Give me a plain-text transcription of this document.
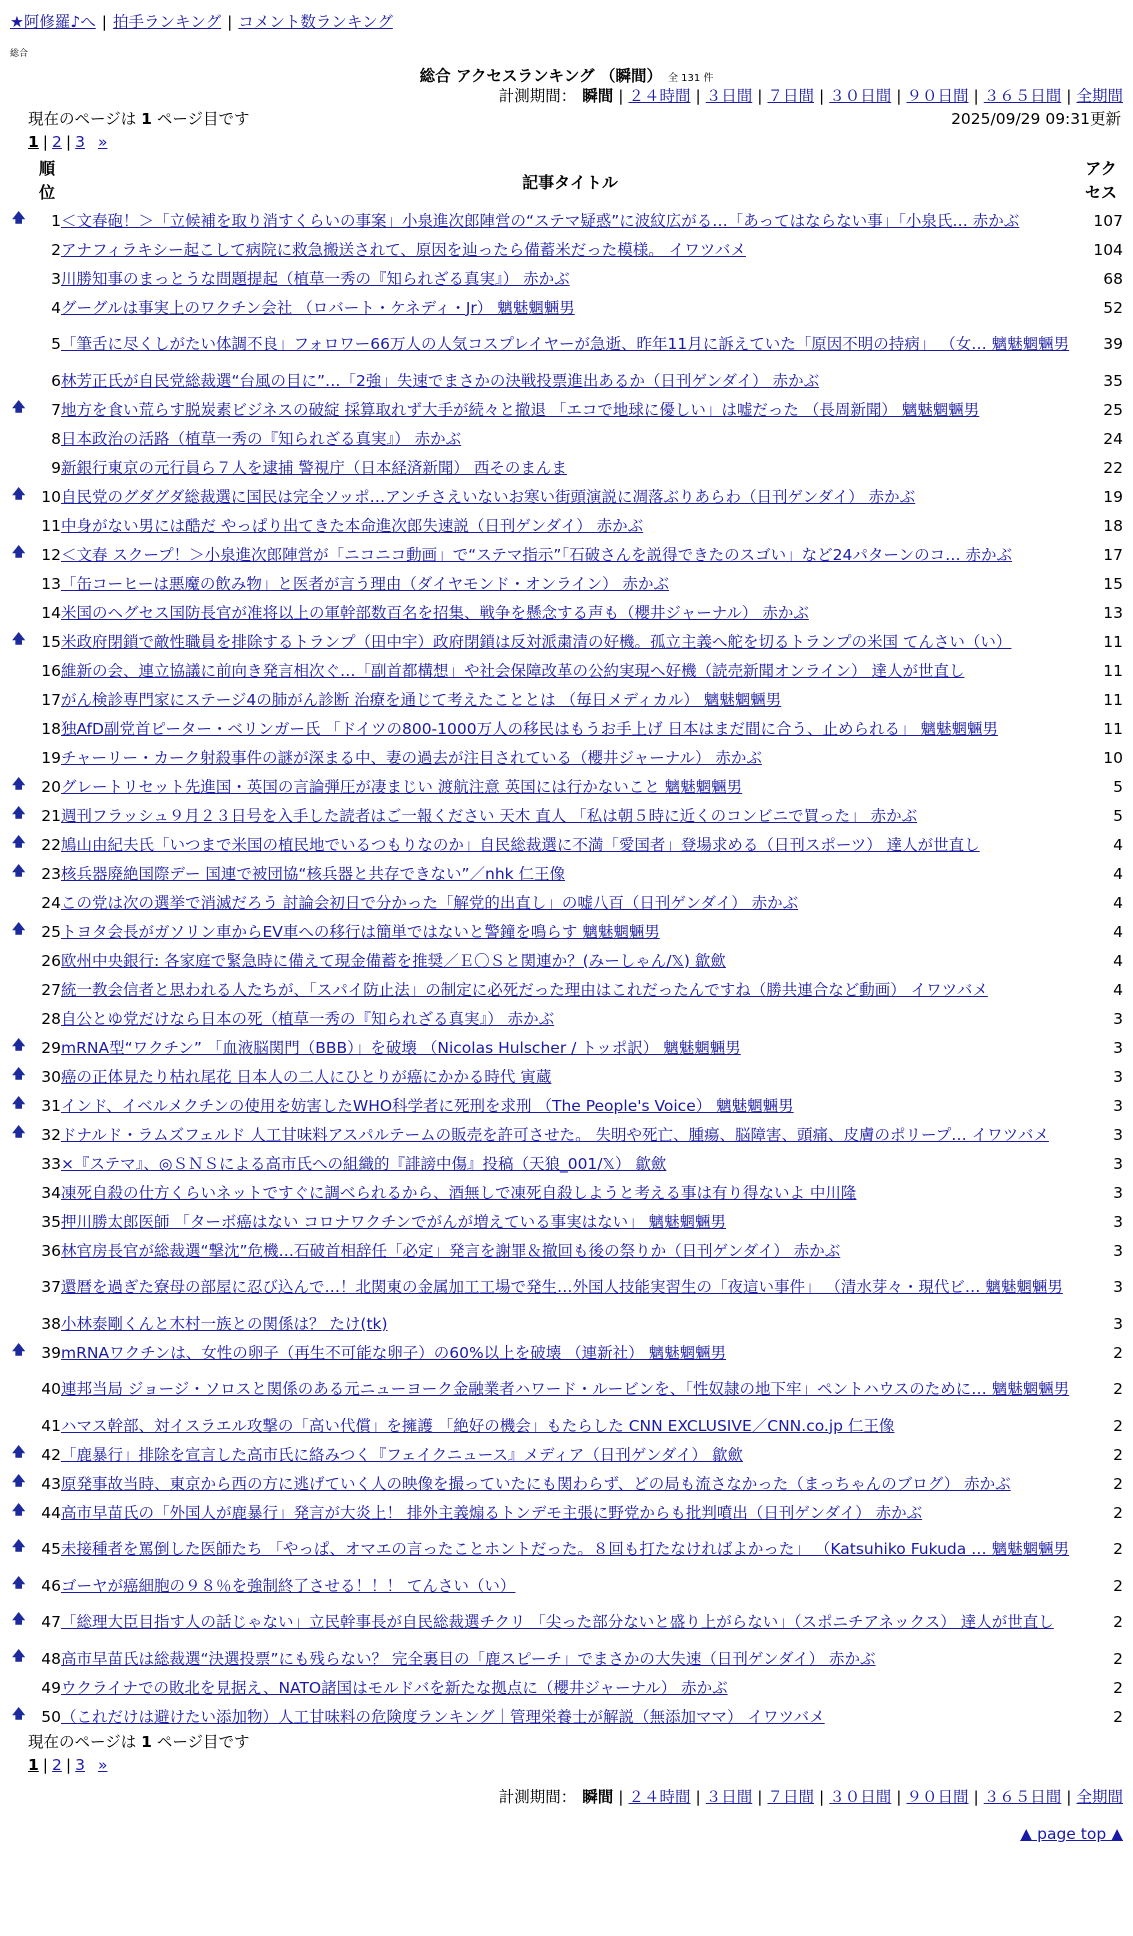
★阿修羅♪へ | 拍手ランキング | コメント数ランキング
総合
総合 アクセスランキング （瞬間） 全 131 件
計測期間： 瞬間 | ２４時間 | ３日間 | ７日間 | ３０日間 | ９０日間 | ３６５日間 | 全期間
現在のページは 1 ページ目です	2025/09/29 09:31更新
1 | 2 | 3 »
順
位	記事タイトル	アク
セス

🡅 1	＜文春砲！＞「立候補を取り消すくらいの事案」小泉進次郎陣営の“ステマ疑惑”に波紋広がる…「あってはならない事」「小泉氏… 赤かぶ	107
2	アナフィラキシー起こして病院に救急搬送されて、原因を辿ったら備蓄米だった模様。 イワツバメ	104
3	川勝知事のまっとうな問題提起（植草一秀の『知られざる真実』） 赤かぶ	68
4	グーグルは事実上のワクチン会社 （ロバート・ケネディ・Jr） 魑魅魍魎男	52
5	「筆舌に尽くしがたい体調不良」フォロワー66万人の人気コスプレイヤーが急逝、昨年11月に訴えていた「原因不明の持病」 （女… 魑魅魍魎男	39
6	林芳正氏が自民党総裁選“台風の目に”…「2強」失速でまさかの決戦投票進出あるか（日刊ゲンダイ） 赤かぶ	35

🡅 7	地方を食い荒らす脱炭素ビジネスの破綻 採算取れず大手が続々と撤退 「エコで地球に優しい」は嘘だった （長周新聞） 魑魅魍魎男	25
8	日本政治の活路（植草一秀の『知られざる真実』） 赤かぶ	24
9	新銀行東京の元行員ら７人を逮捕 警視庁（日本経済新聞） 西そのまんま	22

🡅 10	自民党のグダグダ総裁選に国民は完全ソッポ…アンチさえいないお寒い街頭演説に凋落ぶりあらわ（日刊ゲンダイ） 赤かぶ	19
11	中身がない男には酷だ やっぱり出てきた本命進次郎失速説（日刊ゲンダイ） 赤かぶ	18

🡅 12	＜文春 スクープ！＞小泉進次郎陣営が「ニコニコ動画」で“ステマ指示”「石破さんを説得できたのスゴい」など24パターンのコ… 赤かぶ	17
13	「缶コーヒーは悪魔の飲み物」と医者が言う理由（ダイヤモンド・オンライン） 赤かぶ	15
14	米国のヘグセス国防長官が准将以上の軍幹部数百名を招集、戦争を懸念する声も（櫻井ジャーナル） 赤かぶ	13

🡅 15	米政府閉鎖で敵性職員を排除するトランプ（田中宇）政府閉鎖は反対派粛清の好機。孤立主義へ舵を切るトランプの米国 てんさい（い）	11
16	維新の会、連立協議に前向き発言相次ぐ…「副首都構想」や社会保障改革の公約実現へ好機（読売新聞オンライン） 達人が世直し	11
17	がん検診専門家にステージ4の肺がん診断 治療を通じて考えたこととは （毎日メディカル） 魑魅魍魎男	11
18	独AfD副党首ピーター・ベリンガー氏 「ドイツの800-1000万人の移民はもうお手上げ 日本はまだ間に合う、止められる」 魑魅魍魎男	11
19	チャーリー・カーク射殺事件の謎が深まる中、妻の過去が注目されている（櫻井ジャーナル） 赤かぶ	10

🡅 20	グレートリセット先進国・英国の言論弾圧が凄まじい 渡航注意 英国には行かないこと 魑魅魍魎男	5

🡅 21	週刊フラッシュ９月２３日号を入手した読者はご一報ください 天木 直人 「私は朝５時に近くのコンビニで買った」 赤かぶ	5

🡅 22	鳩山由紀夫氏「いつまで米国の植民地でいるつもりなのか」自民総裁選に不満「愛国者」登場求める（日刊スポーツ） 達人が世直し	4

🡅 23	核兵器廃絶国際デー 国連で被団協“核兵器と共存できない”／nhk 仁王像	4
24	この党は次の選挙で消滅だろう 討論会初日で分かった「解党的出直し」の嘘八百（日刊ゲンダイ） 赤かぶ	4

🡅 25	トヨタ会長がガソリン車からEV車への移行は簡単ではないと警鐘を鳴らす 魑魅魍魎男	4
26	欧州中央銀行: 各家庭で緊急時に備えて現金備蓄を推奨／Ｅ〇Ｓと関連か？(みーしゃん/𝕏) 歙歛	4
27	統一教会信者と思われる人たちが、「スパイ防止法」の制定に必死だった理由はこれだったんですね（勝共連合など動画） イワツバメ	4
28	自公とゆ党だけなら日本の死（植草一秀の『知られざる真実』） 赤かぶ	3

🡅 29	mRNA型“ワクチン” 「血液脳関門（BBB）」を破壊 （Nicolas Hulscher / トッポ訳） 魑魅魍魎男	3

🡅 30	癌の正体見たり枯れ尾花 日本人の二人にひとりが癌にかかる時代 寅蔵	3

🡅 31	インド、イベルメクチンの使用を妨害したWHO科学者に死刑を求刑 （The People's Voice） 魑魅魍魎男	3

🡅 32	ドナルド・ラムズフェルド 人工甘味料アスパルテームの販売を許可させた。 失明や死亡、腫瘍、脳障害、頭痛、皮膚のポリープ… イワツバメ	3
33	×『ステマ』、◎ＳＮＳによる高市氏への組織的『誹謗中傷』投稿（天狼_001/𝕏） 歙歛	3
34	凍死自殺の仕方くらいネットですぐに調べられるから、酒無しで凍死自殺しようと考える事は有り得ないよ 中川隆	3
35	押川勝太郎医師 「ターボ癌はない コロナワクチンでがんが増えている事実はない」 魑魅魍魎男	3
36	林官房長官が総裁選“撃沈”危機…石破首相辞任「必定」発言を謝罪＆撤回も後の祭りか（日刊ゲンダイ） 赤かぶ	3
37	還暦を過ぎた寮母の部屋に忍び込んで…！北関東の金属加工工場で発生…外国人技能実習生の「夜這い事件」 （清水芽々・現代ビ… 魑魅魍魎男	3
38	小林泰剛くんと木村一族との関係は？ たけ(tk)	3

🡅 39	mRNAワクチンは、女性の卵子（再生不可能な卵子）の60%以上を破壊 （連新社） 魑魅魍魎男	2
40	連邦当局 ジョージ・ソロスと関係のある元ニューヨーク金融業者ハワード・ルービンを、「性奴隷の地下牢」ペントハウスのために… 魑魅魍魎男	2
41	ハマス幹部、対イスラエル攻撃の「高い代償」を擁護 「絶好の機会」もたらした CNN EXCLUSIVE／CNN.co.jp 仁王像	2

🡅 42	「鹿暴行」排除を宣言した高市氏に絡みつく『フェイクニュース』メディア（日刊ゲンダイ） 歙歛	2

🡅 43	原発事故当時、東京から西の方に逃げていく人の映像を撮っていたにも関わらず、どの局も流さなかった（まっちゃんのブログ） 赤かぶ	2

🡅 44	高市早苗氏の「外国人が鹿暴行」発言が大炎上！ 排外主義煽るトンデモ主張に野党からも批判噴出（日刊ゲンダイ） 赤かぶ	2

🡅 45	未接種者を罵倒した医師たち 「やっぱ、オマエの言ったことホントだった。８回も打たなければよかった」 （Katsuhiko Fukuda … 魑魅魍魎男	2

🡅 46	ゴーヤが癌細胞の９８％を強制終了させる！！！ てんさい（い）	2

🡅 47	「総理大臣目指す人の話じゃない」立民幹事長が自民総裁選チクリ 「尖った部分ないと盛り上がらない」（スポニチアネックス） 達人が世直し	2

🡅 48	高市早苗氏は総裁選“決選投票”にも残らない？ 完全裏目の「鹿スピーチ」でまさかの大失速（日刊ゲンダイ） 赤かぶ	2
49	ウクライナでの敗北を見据え、NATO諸国はモルドバを新たな拠点に（櫻井ジャーナル） 赤かぶ	2

🡅 50	（これだけは避けたい添加物）人工甘味料の危険度ランキング｜管理栄養士が解説（無添加ママ） イワツバメ	2
現在のページは 1 ページ目です
1 | 2 | 3 »
計測期間： 瞬間 | ２４時間 | ３日間 | ７日間 | ３０日間 | ９０日間 | ３６５日間 | 全期間
▲ page top ▲
